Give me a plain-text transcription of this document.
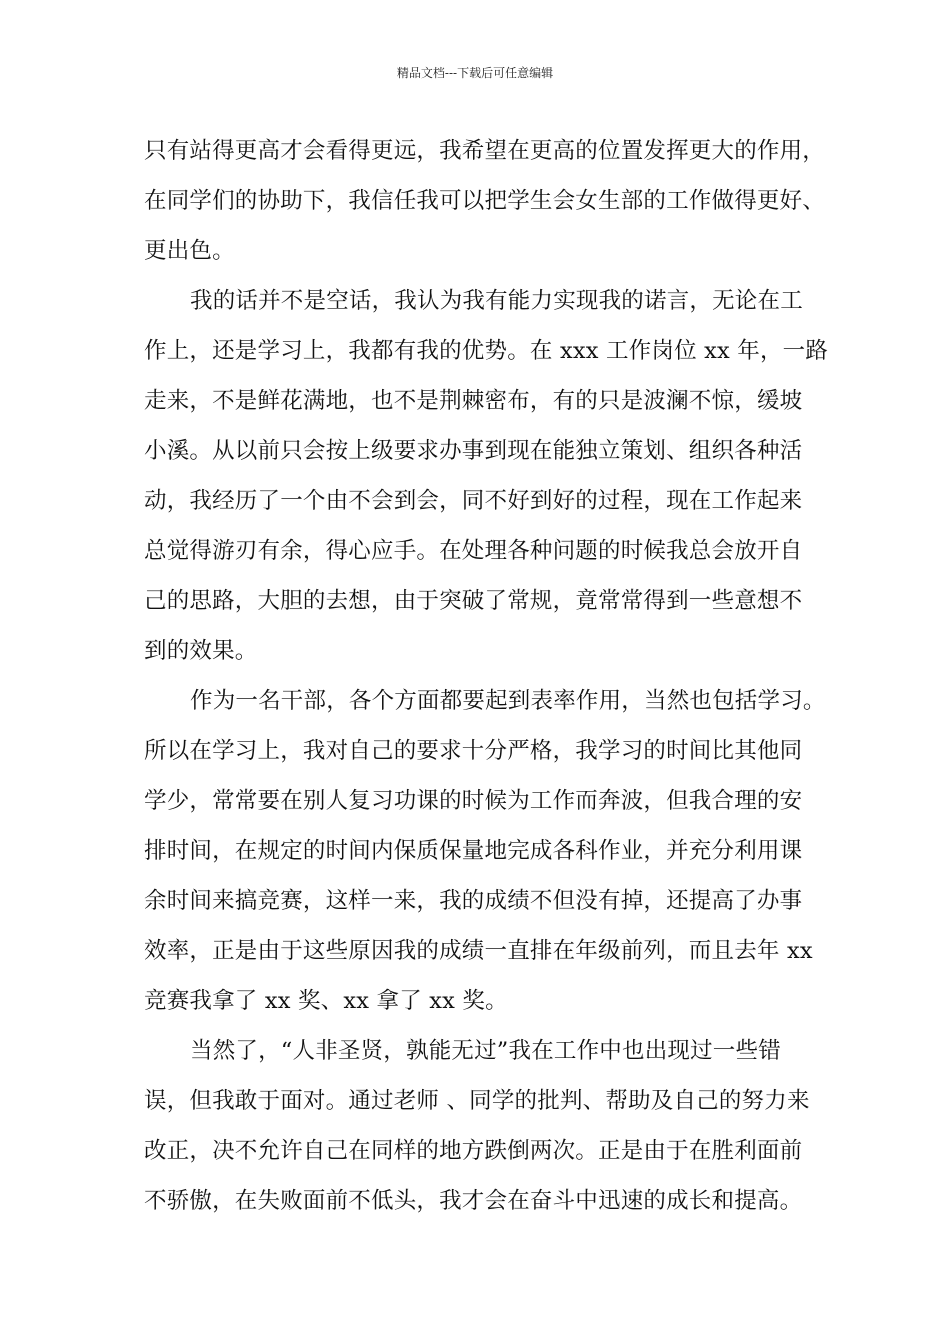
精品文档---下载后可任意编辑
只有站得更高才会看得更远，我希望在更高的位置发挥更大的作用，
在同学们的协助下，我信任我可以把学生会女生部的工作做得更好、
更出色。
我的话并不是空话，我认为我有能力实现我的诺言，无论在工
作上，还是学习上，我都有我的优势。在 xxx 工作岗位 xx 年，一路
走来，不是鲜花满地，也不是荆棘密布，有的只是波澜不惊，缓坡
小溪。从以前只会按上级要求办事到现在能独立策划、组织各种活
动，我经历了一个由不会到会，同不好到好的过程，现在工作起来
总觉得游刃有余，得心应手。在处理各种问题的时候我总会放开自
己的思路，大胆的去想，由于突破了常规，竟常常得到一些意想不
到的效果。
作为一名干部，各个方面都要起到表率作用，当然也包括学习。
所以在学习上，我对自己的要求十分严格，我学习的时间比其他同
学少，常常要在别人复习功课的时候为工作而奔波，但我合理的安
排时间，在规定的时间内保质保量地完成各科作业，并充分利用课
余时间来搞竞赛，这样一来，我的成绩不但没有掉，还提高了办事
效率，正是由于这些原因我的成绩一直排在年级前列，而且去年 xx
竞赛我拿了 xx 奖、xx 拿了 xx 奖。
当然了，“人非圣贤，孰能无过”我在工作中也出现过一些错
误，但我敢于面对。通过老师 、同学的批判、帮助及自己的努力来
改正，决不允许自己在同样的地方跌倒两次。正是由于在胜利面前
不骄傲，在失败面前不低头，我才会在奋斗中迅速的成长和提高。
